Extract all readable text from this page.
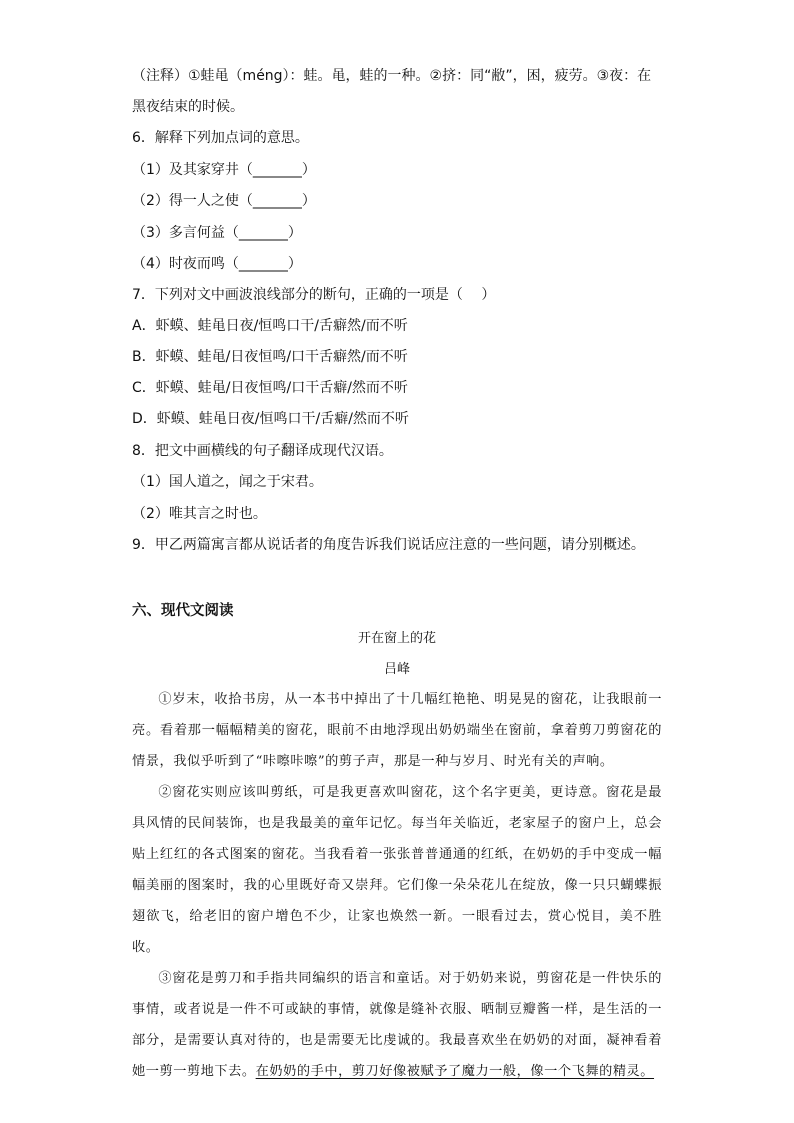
（注释）①蛙黾（méng）：蛙。黾，蛙的一种。②挤：同“敝”，困，疲劳。③夜：在
黑夜结束的时候。
6．解释下列加点词的意思。
（1）及其家穿井（_______）
（2）得一人之使（_______）
（3）多言何益（_______）
（4）时夜而鸣（_______）
7．下列对文中画波浪线部分的断句，正确的一项是（　 ）
A．虾蟆、蛙黾日夜/恒鸣口干/舌癖然/而不听
B．虾蟆、蛙黾/日夜恒鸣/口干舌癖然/而不听
C．虾蟆、蛙黾/日夜恒鸣/口干舌癖/然而不听
D．虾蟆、蛙黾日夜/恒鸣口干/舌癖/然而不听
8．把文中画横线的句子翻译成现代汉语。
（1）国人道之，闻之于宋君。
（2）唯其言之时也。
9．甲乙两篇寓言都从说话者的角度告诉我们说话应注意的一些问题，请分别概述。
六、现代文阅读
开在窗上的花
吕峰

①岁末，收拾书房，从一本书中掉出了十几幅红艳艳、明晃晃的窗花，让我眼前一亮。看着那一幅幅精美的窗花，眼前不由地浮现出奶奶端坐在窗前，拿着剪刀剪窗花的情景，我似乎听到了“咔嚓咔嚓”的剪子声，那是一种与岁月、时光有关的声响。

②窗花实则应该叫剪纸，可是我更喜欢叫窗花，这个名字更美，更诗意。窗花是最具风情的民间装饰，也是我最美的童年记忆。每当年关临近，老家屋子的窗户上，总会贴上红红的各式图案的窗花。当我看着一张张普普通通的红纸，在奶奶的手中变成一幅幅美丽的图案时，我的心里既好奇又崇拜。它们像一朵朵花儿在绽放，像一只只蝴蝶振翅欲飞，给老旧的窗户增色不少，让家也焕然一新。一眼看过去，赏心悦目，美不胜收。

③窗花是剪刀和手指共同编织的语言和童话。对于奶奶来说，剪窗花是一件快乐的事情，或者说是一件不可或缺的事情，就像是缝补衣服、晒制豆瓣酱一样，是生活的一部分，是需要认真对待的，也是需要无比虔诚的。我最喜欢坐在奶奶的对面，凝神看着她一剪一剪地下去。在奶奶的手中，剪刀好像被赋予了魔力一般，像一个飞舞的精灵。
